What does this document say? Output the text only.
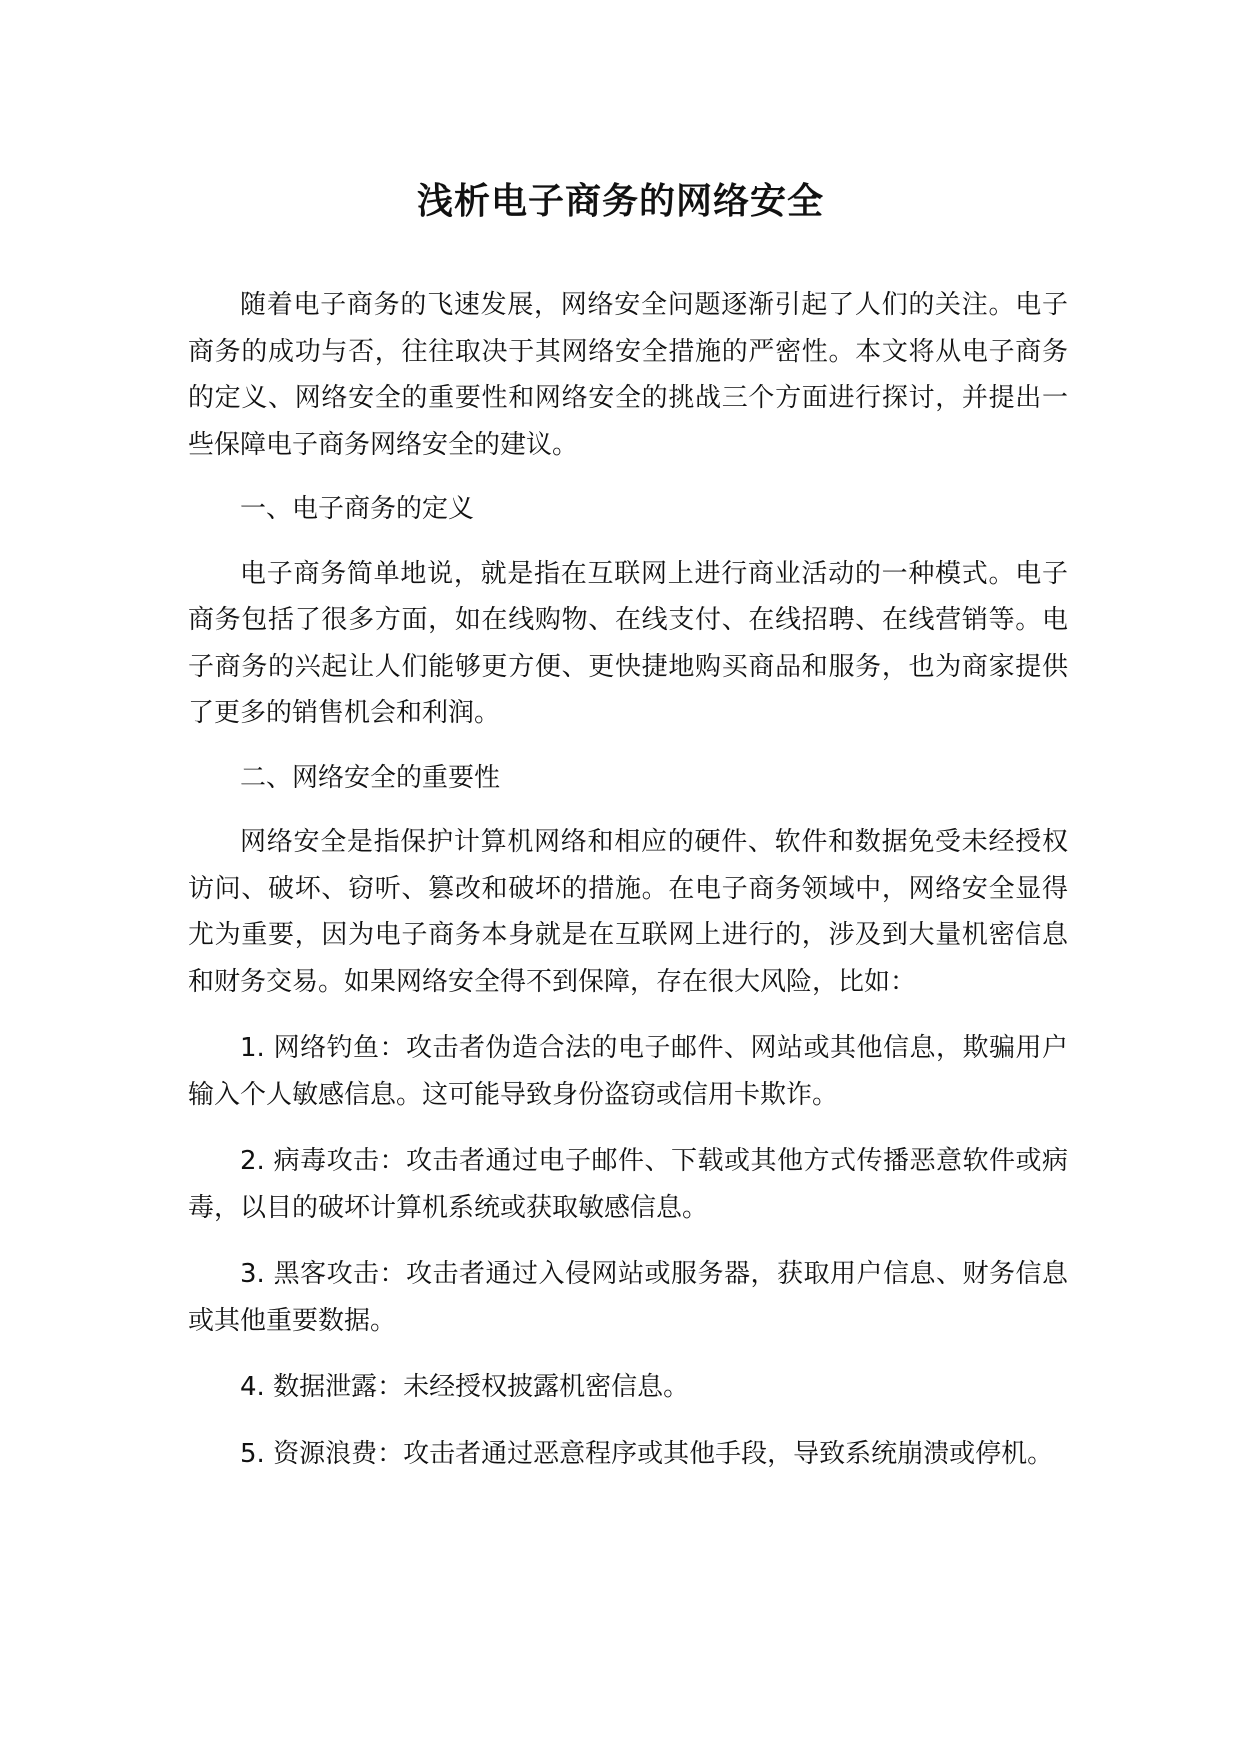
浅析电子商务的网络安全

随着电子商务的飞速发展，网络安全问题逐渐引起了人们的关注。电子商务的成功与否，往往取决于其网络安全措施的严密性。本文将从电子商务的定义、网络安全的重要性和网络安全的挑战三个方面进行探讨，并提出一些保障电子商务网络安全的建议。

一、电子商务的定义

电子商务简单地说，就是指在互联网上进行商业活动的一种模式。电子商务包括了很多方面，如在线购物、在线支付、在线招聘、在线营销等。电子商务的兴起让人们能够更方便、更快捷地购买商品和服务，也为商家提供了更多的销售机会和利润。

二、网络安全的重要性

网络安全是指保护计算机网络和相应的硬件、软件和数据免受未经授权访问、破坏、窃听、篡改和破坏的措施。在电子商务领域中，网络安全显得尤为重要，因为电子商务本身就是在互联网上进行的，涉及到大量机密信息和财务交易。如果网络安全得不到保障，存在很大风险，比如：

1. 网络钓鱼：攻击者伪造合法的电子邮件、网站或其他信息，欺骗用户输入个人敏感信息。这可能导致身份盗窃或信用卡欺诈。

2. 病毒攻击：攻击者通过电子邮件、下载或其他方式传播恶意软件或病毒，以目的破坏计算机系统或获取敏感信息。

3. 黑客攻击：攻击者通过入侵网站或服务器，获取用户信息、财务信息或其他重要数据。

4. 数据泄露：未经授权披露机密信息。

5. 资源浪费：攻击者通过恶意程序或其他手段，导致系统崩溃或停机。
